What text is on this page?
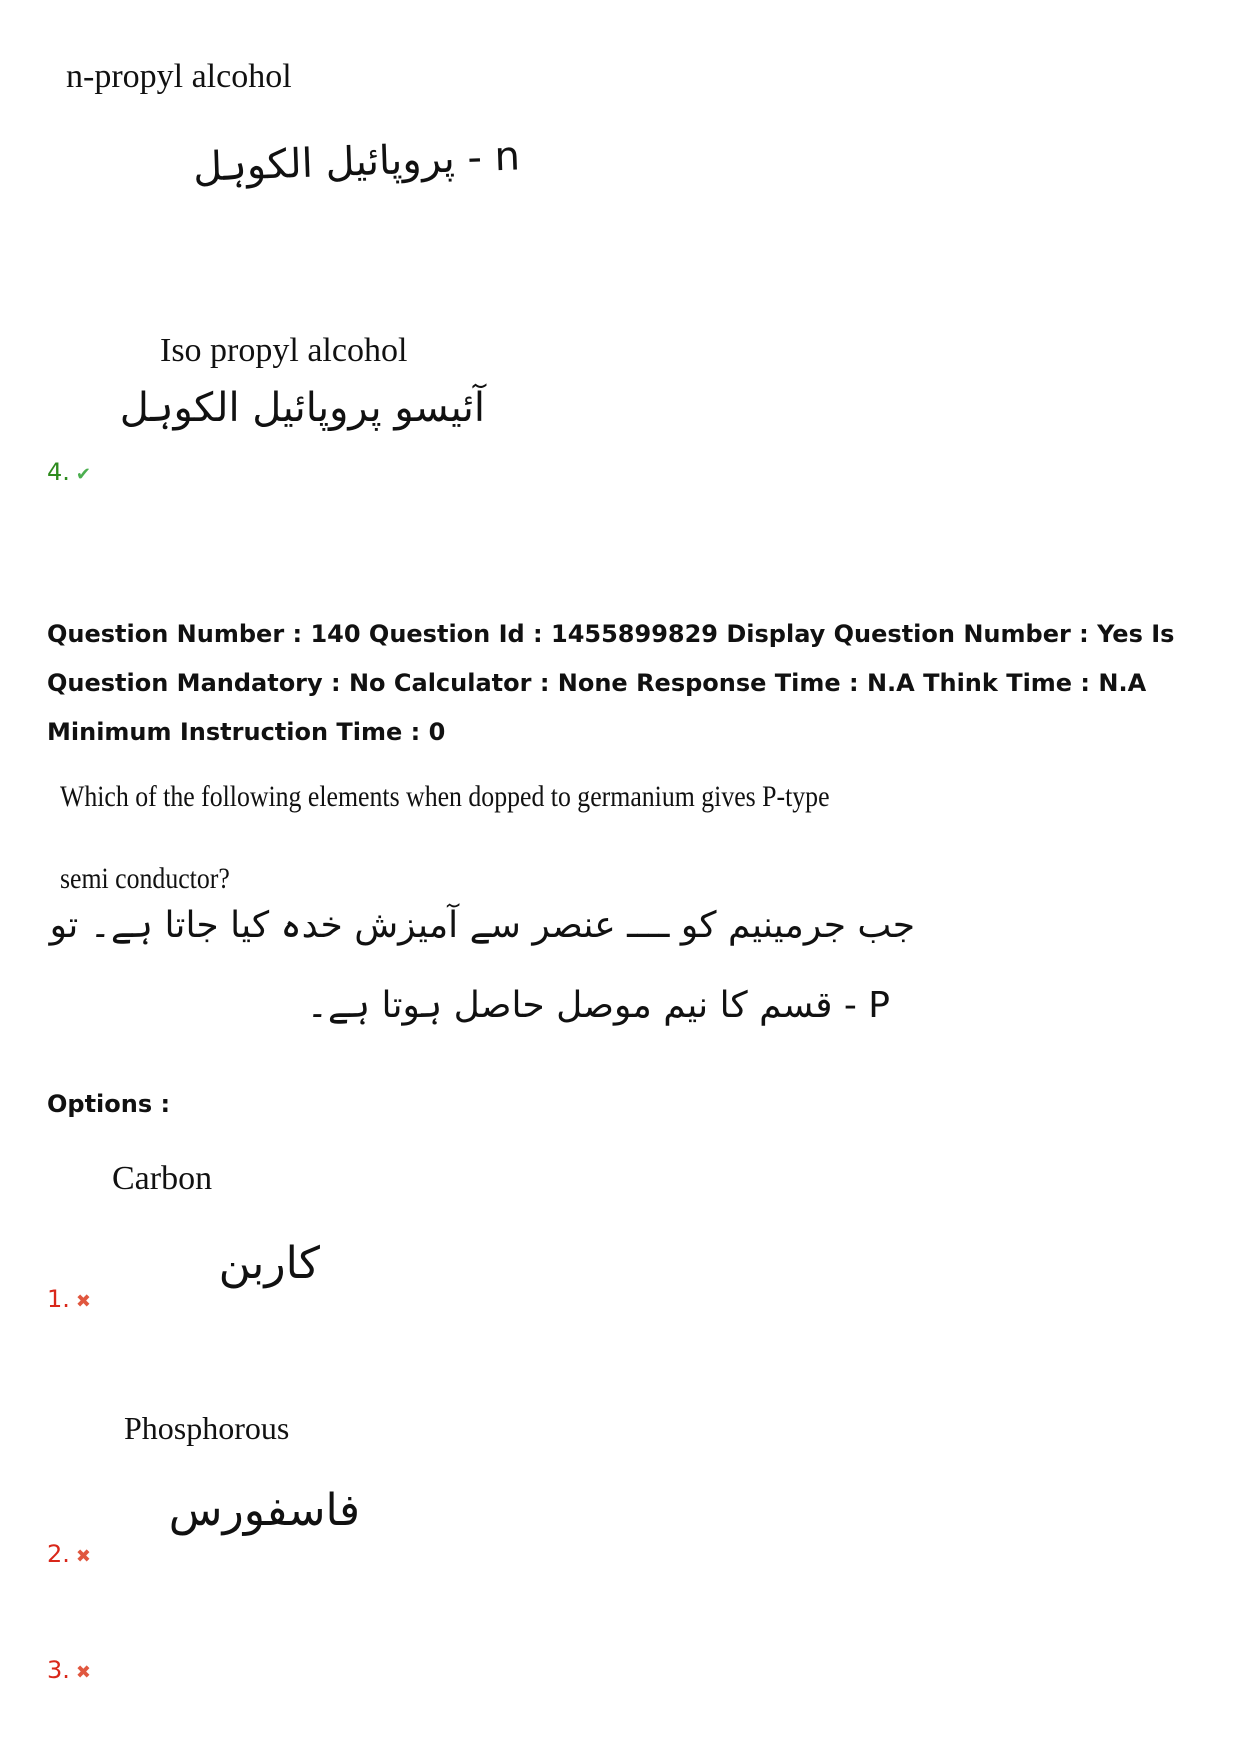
n-propyl alcohol
n - پروپائیل الکوہل
Iso propyl alcohol
آئیسو پروپائیل الکوہل
4. ✔
Question Number : 140 Question Id : 1455899829 Display Question Number : Yes Is Question Mandatory : No Calculator : None Response Time : N.A Think Time : N.A Minimum Instruction Time : 0
Which of the following elements when dopped to germanium gives P-type
semi conductor?
جب جرمینیم کو ــــ عنصر سے آمیزش خدہ کیا جاتا ہے۔ تو
P - قسم کا نیم موصل حاصل ہوتا ہے۔
Options :
Carbon
کاربن
1. ✖
Phosphorous
فاسفورس
2. ✖
3. ✖
